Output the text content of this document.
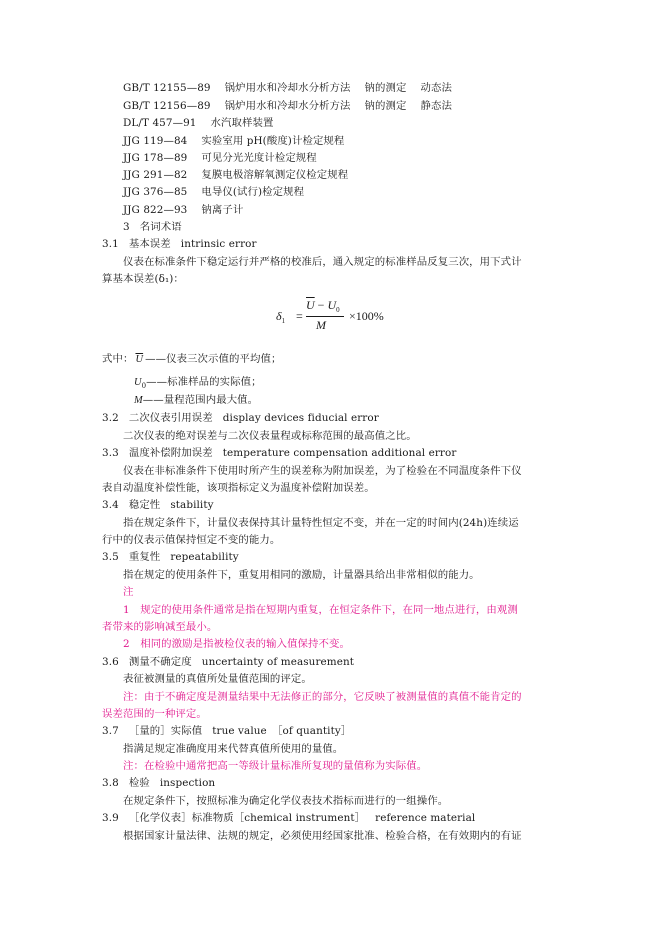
GB/T 12155—89 锅炉用水和冷却水分析方法 钠的测定 动态法
GB/T 12156—89 锅炉用水和冷却水分析方法 钠的测定 静态法
DL/T 457—91 水汽取样装置
JJG 119—84 实验室用 pH(酸度)计检定规程
JJG 178—89 可见分光光度计检定规程
JJG 291—82 复膜电极溶解氧测定仪检定规程
JJG 376—85 电导仪(试行)检定规程
JJG 822—93 钠离子计
3 名词术语
3.1 基本误差 intrinsic error
仪表在标准条件下稳定运行并严格的校准后，通入规定的标准样品反复三次，用下式计
算基本误差(δ₁)：
$\delta_1$ =
$\overline{U} - U_0$
M
×100%
式中： $\overline{U}$ ——仪表三次示值的平均值；
$U_0——$标准样品的实际值；
M——量程范围内最大值。
3.2 二次仪表引用误差 display devices fiducial error
二次仪表的绝对误差与二次仪表量程或标称范围的最高值之比。
3.3 温度补偿附加误差 temperature compensation additional error
仪表在非标准条件下使用时所产生的误差称为附加误差，为了检验在不同温度条件下仪
表自动温度补偿性能，该项指标定义为温度补偿附加误差。
3.4 稳定性 stability
指在规定条件下，计量仪表保持其计量特性恒定不变，并在一定的时间内(24h)连续运
行中的仪表示值保持恒定不变的能力。
3.5 重复性 repeatability
指在规定的使用条件下，重复用相同的激励，计量器具给出非常相似的能力。
注
1　规定的使用条件通常是指在短期内重复，在恒定条件下，在同一地点进行，由观测
者带来的影响减至最小。
2　相同的激励是指被检仪表的输入值保持不变。
3.6 测量不确定度 uncertainty of measurement
表征被测量的真值所处量值范围的评定。
注：由于不确定度是测量结果中无法修正的部分，它反映了被测量值的真值不能肯定的
误差范围的一种评定。
3.7 ［量的］实际值 true value　［of quantity］
指满足规定准确度用来代替真值所使用的量值。
注：在检验中通常把高一等级计量标准所复现的量值称为实际值。
3.8 检验 inspection
在规定条件下，按照标准为确定化学仪表技术指标而进行的一组操作。
3.9 ［化学仪表］标准物质［chemical instrument］ reference material
根据国家计量法律、法规的规定，必须使用经国家批准、检验合格，在有效期内的有证
